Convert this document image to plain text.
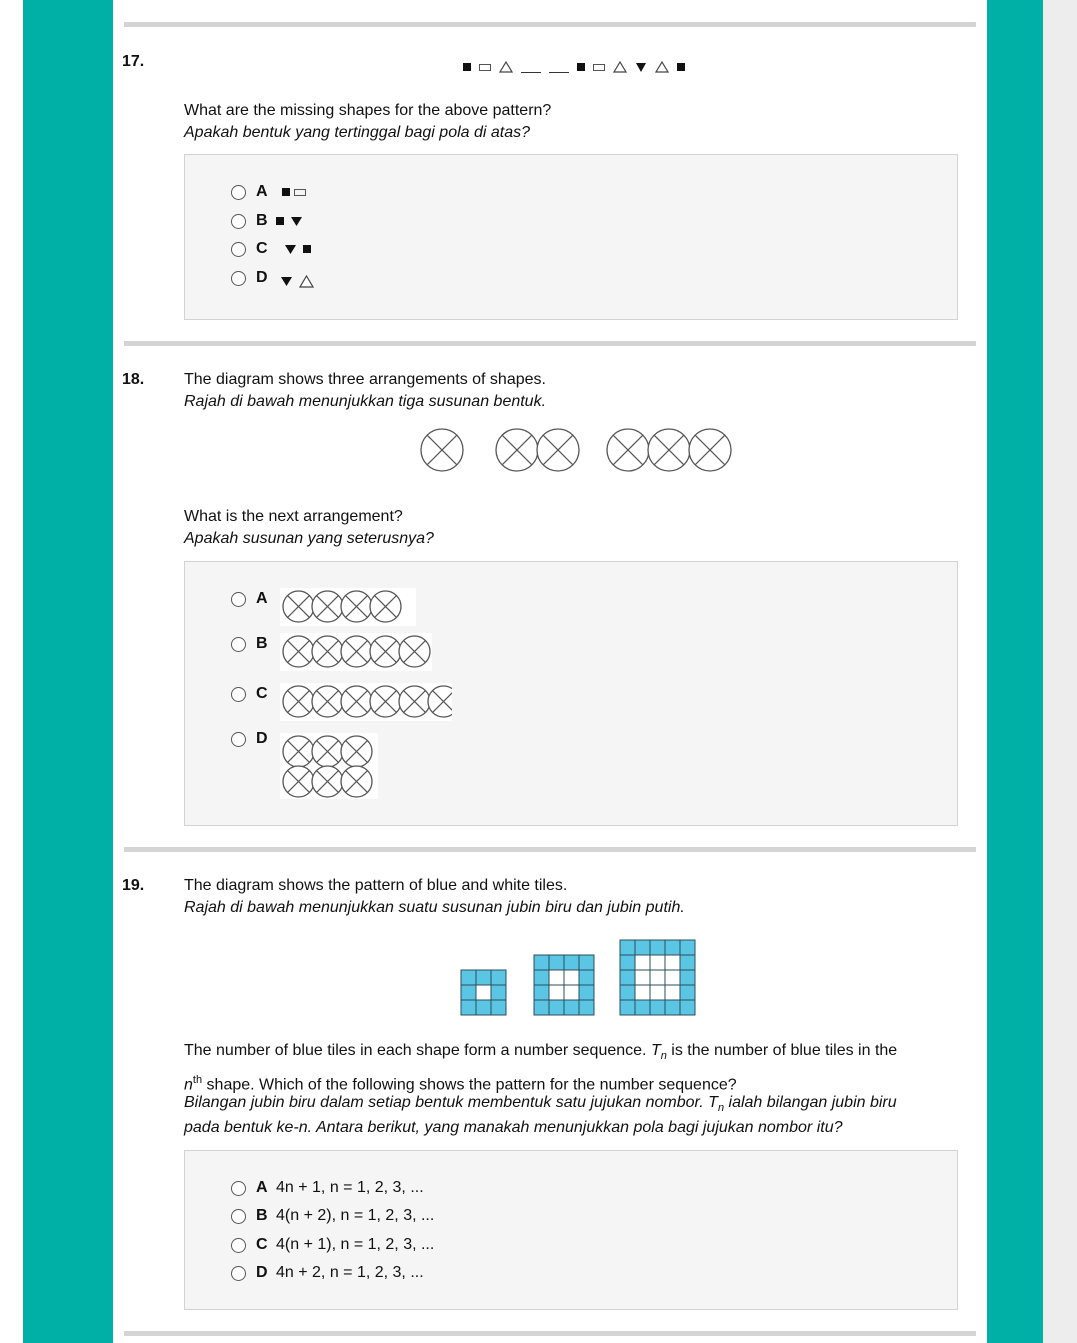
17.
What are the missing shapes for the above pattern?
Apakah bentuk yang tertinggal bagi pola di atas?
A
B
C
D
18. The diagram shows three arrangements of shapes.
Rajah di bawah menunjukkan tiga susunan bentuk.
What is the next arrangement?
Apakah susunan yang seterusnya?
A
B
C
D
19. The diagram shows the pattern of blue and white tiles.
Rajah di bawah menunjukkan suatu susunan jubin biru dan jubin putih.
The number of blue tiles in each shape form a number sequence. $T_n$ is the number of blue tiles in the
$n^{th}$ shape. Which of the following shows the pattern for the number sequence?
Bilangan jubin biru dalam setiap bentuk membentuk satu jujukan nombor. $T_n$ ialah bilangan jubin biru
pada bentuk ke-n. Antara berikut, yang manakah menunjukkan pola bagi jujukan nombor itu?
A 4n + 1, n = 1, 2, 3, ...
B 4(n + 2), n = 1, 2, 3, ...
C 4(n + 1), n = 1, 2, 3, ...
D 4n + 2, n = 1, 2, 3, ...
